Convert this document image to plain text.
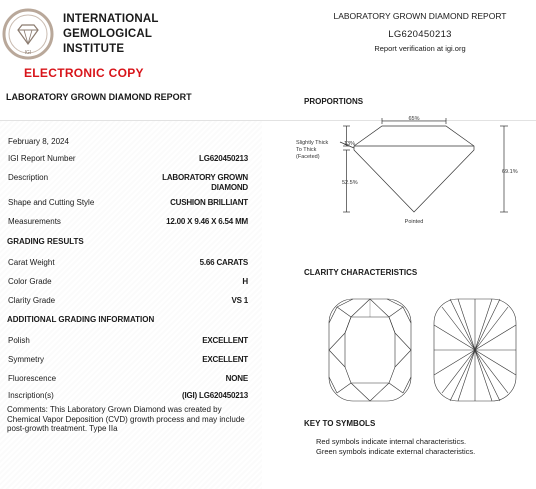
IGI
INTERNATIONAL
GEMOLOGICAL
INSTITUTE
ELECTRONIC COPY
LABORATORY GROWN DIAMOND REPORT
LABORATORY GROWN DIAMOND REPORT
LG620450213
Report verification at igi.org
February 8, 2024
IGI Report Number	LG620450213
Description	LABORATORY GROWN
DIAMOND
Shape and Cutting Style	CUSHION BRILLIANT
Measurements	12.00 X 9.46 X 6.54 MM
GRADING RESULTS
Carat Weight	5.66 CARATS
Color Grade	H
Clarity Grade	VS 1
ADDITIONAL GRADING INFORMATION
Polish	EXCELLENT
Symmetry	EXCELLENT
Fluorescence	NONE
Inscription(s)	(IGI) LG620450213
Comments: This Laboratory Grown Diamond was created by Chemical Vapor Deposition (CVD) growth process and may include post-growth treatment. Type IIa
PROPORTIONS
65%
13%
52.5%
69.1%
Slightly Thick
To Thick
(Faceted)
Pointed
CLARITY CHARACTERISTICS
KEY TO SYMBOLS
Red symbols indicate internal characteristics.
Green symbols indicate external characteristics.
